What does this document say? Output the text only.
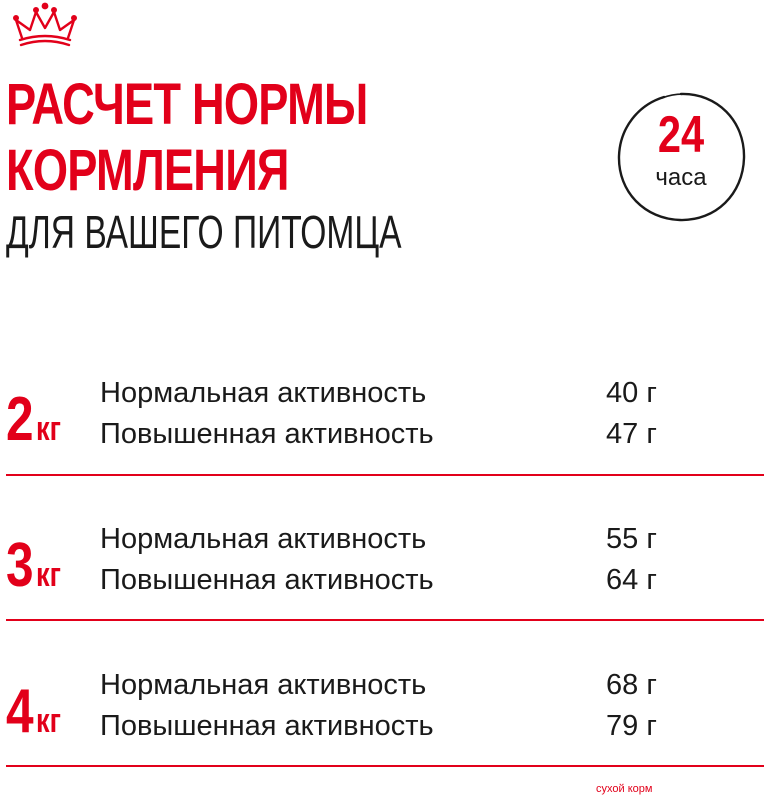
РАСЧЕТ НОРМЫ
КОРМЛЕНИЯ
ДЛЯ ВАШЕГО ПИТОМЦА
24
часа
2кг
Нормальная активность	40 г
Повышенная активность	47 г
3кг
Нормальная активность	55 г
Повышенная активность	64 г
4кг
Нормальная активность	68 г
Повышенная активность	79 г
сухой корм
